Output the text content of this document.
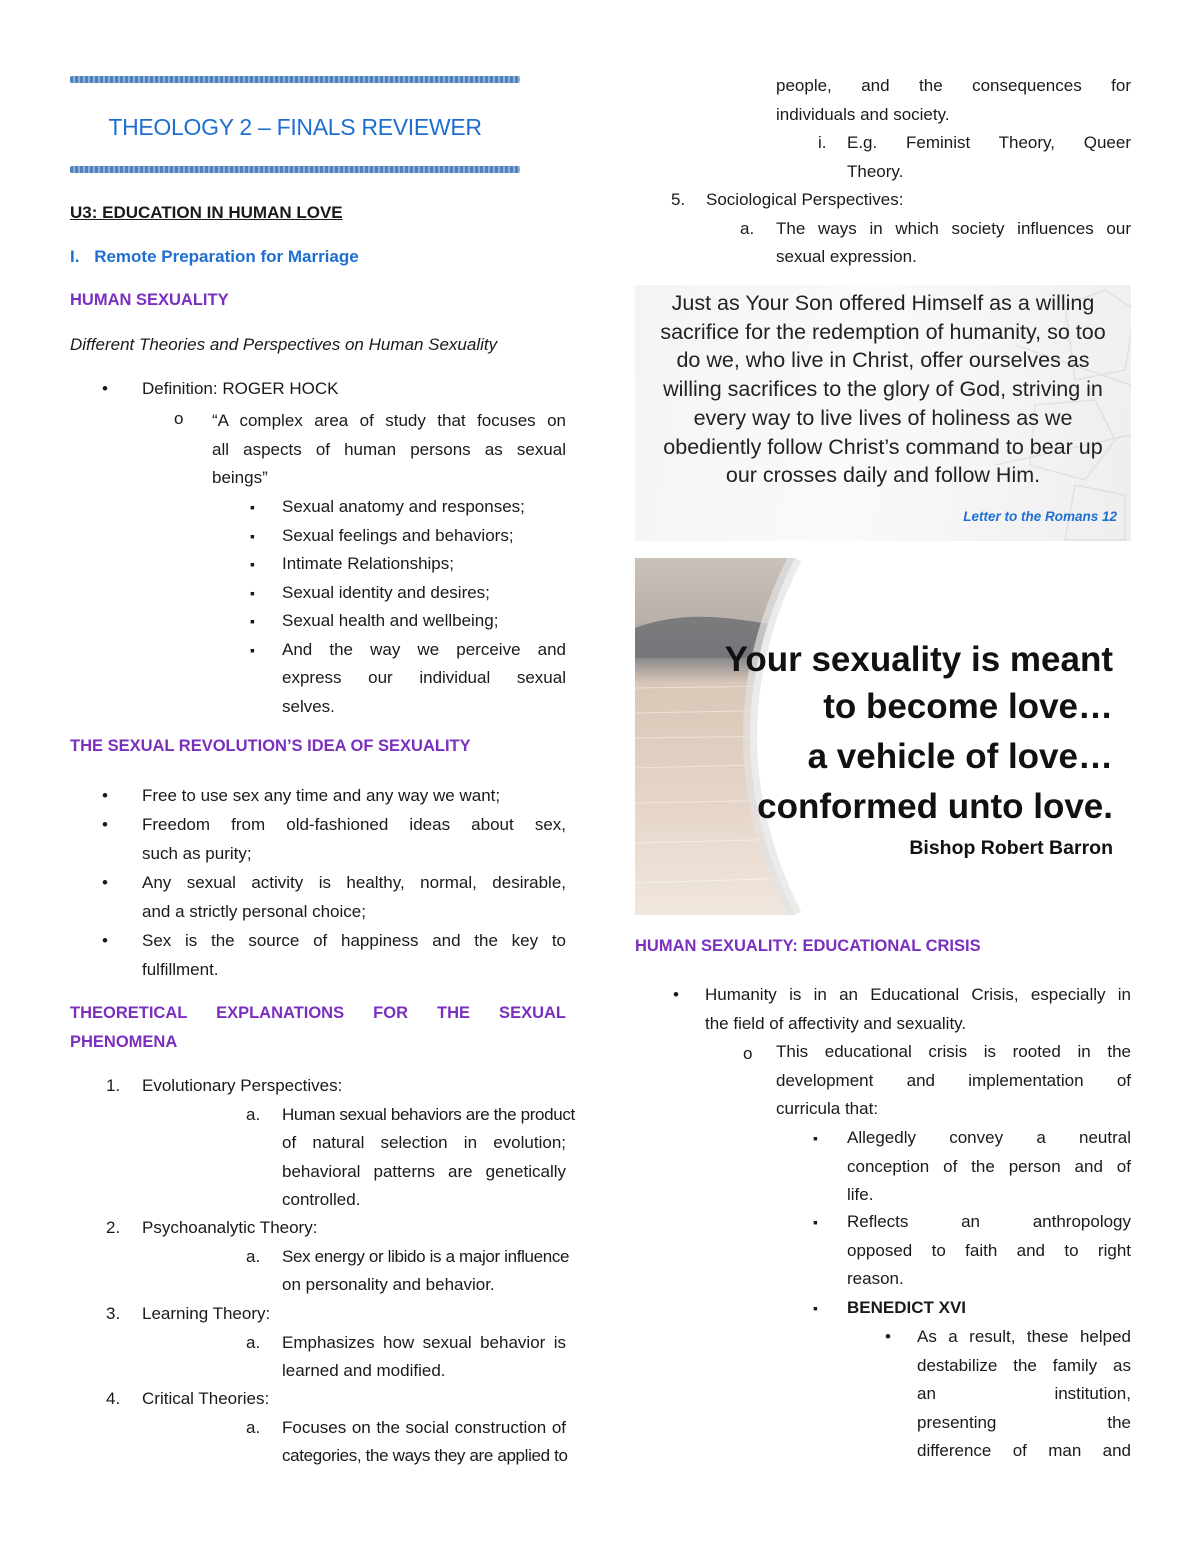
THEOLOGY 2 – FINALS REVIEWER
U3: EDUCATION IN HUMAN LOVE
I. Remote Preparation for Marriage
HUMAN SEXUALITY
Different Theories and Perspectives on Human Sexuality
•
Definition: ROGER HOCK
o “A complex area of study that focuses on
all aspects of human persons as sexual
beings”
▪
Sexual anatomy and responses;
▪
Sexual feelings and behaviors;
▪
Intimate Relationships;
▪
Sexual identity and desires;
▪
Sexual health and wellbeing;
▪
And the way we perceive and
express our individual sexual
selves.
THE SEXUAL REVOLUTION’S IDEA OF SEXUALITY
•
Free to use sex any time and any way we want;
•
Freedom from old-fashioned ideas about sex,
such as purity;
•
Any sexual activity is healthy, normal, desirable,
and a strictly personal choice;
•
Sex is the source of happiness and the key to
fulfillment.
THEORETICAL EXPLANATIONS FOR THE SEXUAL
PHENOMENA
1. Evolutionary Perspectives:
a. Human sexual behaviors are the product
of natural selection in evolution;
behavioral patterns are genetically
controlled.
2. Psychoanalytic Theory:
a. Sex energy or libido is a major influence
on personality and behavior.
3. Learning Theory:
a. Emphasizes how sexual behavior is
learned and modified.
4. Critical Theories:
a. Focuses on the social construction of
categories, the ways they are applied to
people, and the consequences for
individuals and society.
i. E.g. Feminist Theory, Queer
Theory.
5. Sociological Perspectives:
a. The ways in which society influences our
sexual expression.
Just as Your Son offered Himself as a willing
sacrifice for the redemption of humanity, so too
do we, who live in Christ, offer ourselves as
willing sacrifices to the glory of God, striving in
every way to live lives of holiness as we
obediently follow Christ’s command to bear up
our crosses daily and follow Him.
Letter to the Romans 12
Your sexuality is meant
to become love…
a vehicle of love…
conformed unto love.
Bishop Robert Barron
HUMAN SEXUALITY: EDUCATIONAL CRISIS
•
Humanity is in an Educational Crisis, especially in
the field of affectivity and sexuality.
o This educational crisis is rooted in the
development and implementation of
curricula that:
▪
Allegedly convey a neutral
conception of the person and of
life.
▪
Reflects an anthropology
opposed to faith and to right
reason.
▪
BENEDICT XVI
•
As a result, these helped
destabilize the family as
an institution,
presenting the
difference of man and
